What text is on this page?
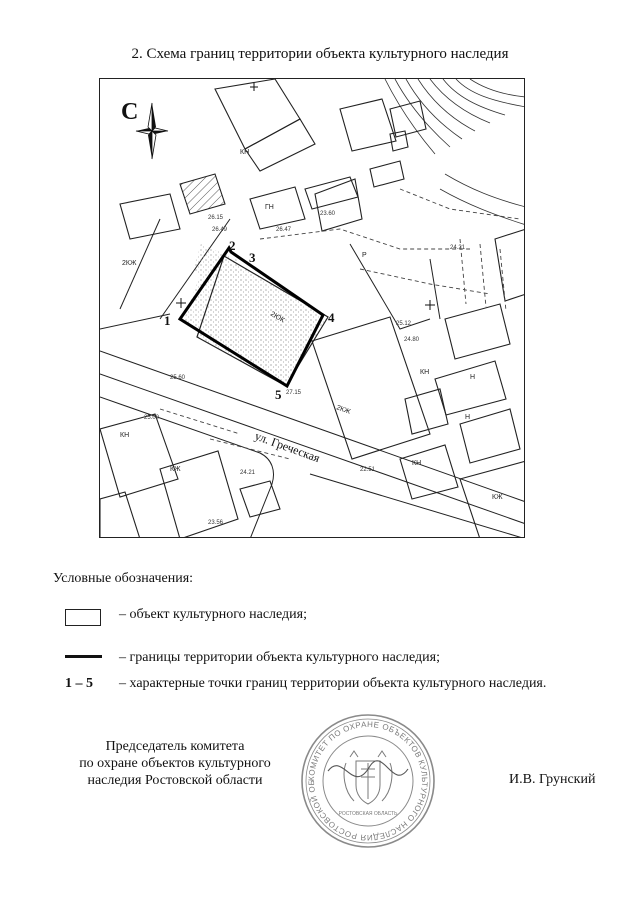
2. Схема границ территории объекта культурного наследия
С
1
2
3
4
5
ул. Греческая
2КЖ
2КЖ
2ЮК
КН
КН
КН
КН
КЖ
КЖ
Н
Н
ГН
Р
23.60
26.15
26.49	26.47
27.15
25.60
25.00
24.21
23.56
25.12
24.80
22.51
24.21
Условные обозначения:
– объект культурного наследия;
– границы территории объекта культурного наследия;
1 – 5 – характерные точки границ территории объекта культурного наследия.
Председатель комитета
по охране объектов культурного
наследия Ростовской области	КОМИТЕТ ПО ОХРАНЕ ОБЪЕКТОВ КУЛЬТУРНОГО НАСЛЕДИЯ РОСТОВСКОЙ ОБ
РОСТОВСКАЯ ОБЛАСТЬ
И.В. Грунский
